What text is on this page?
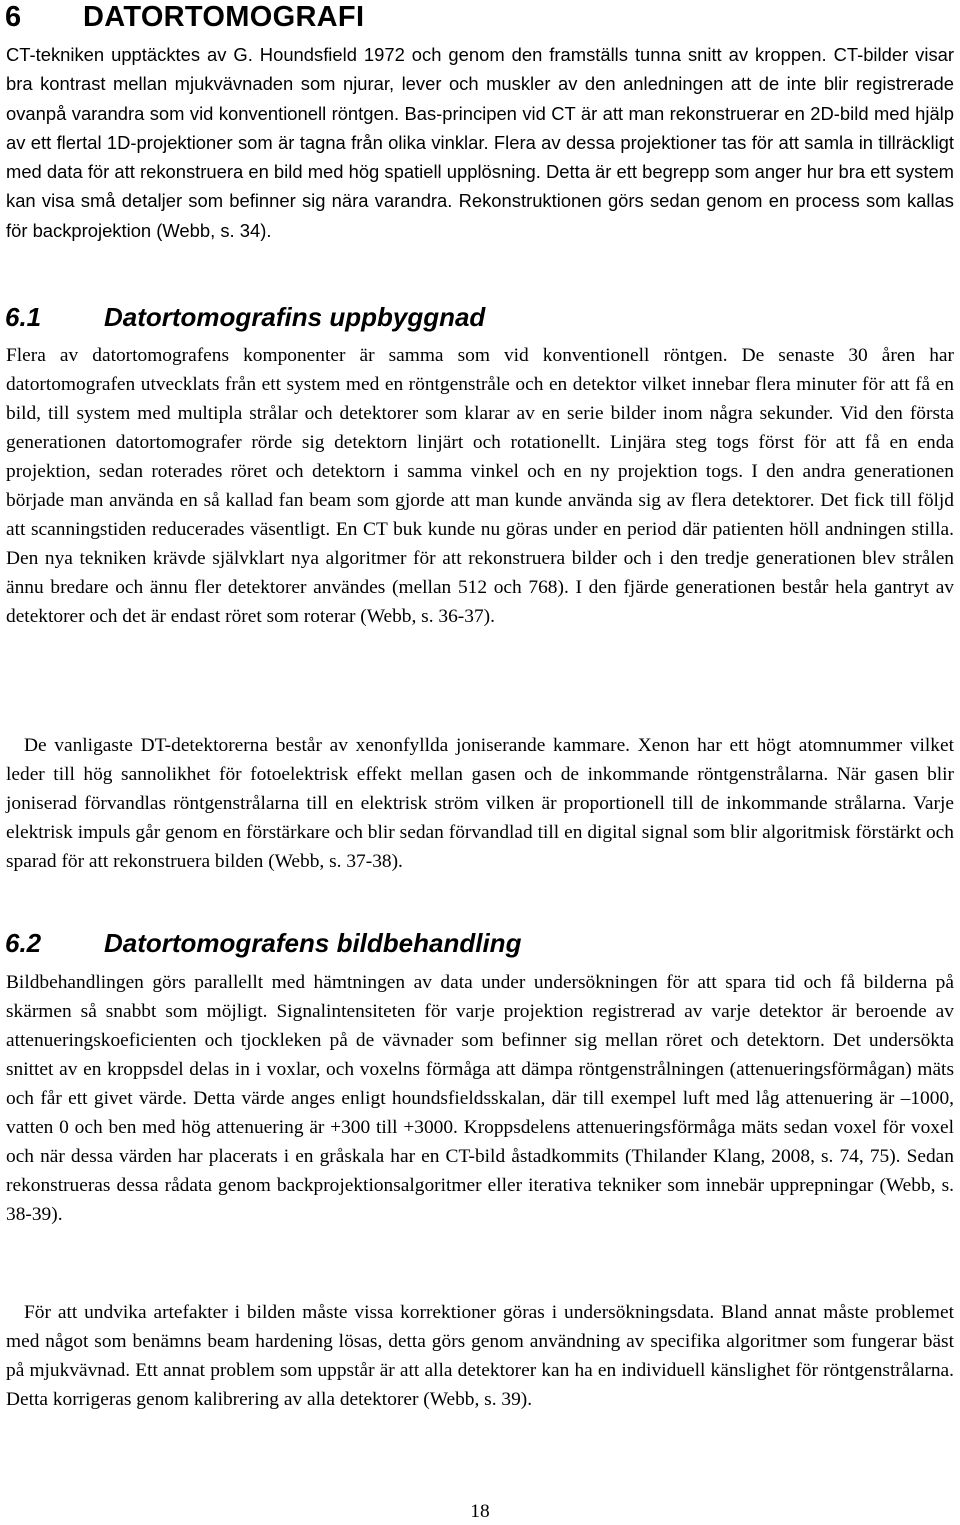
6 DATORTOMOGRAFI

CT-tekniken upptäcktes av G. Houndsfield 1972 och genom den framställs tunna snitt av kroppen. CT-bilder visar bra kontrast mellan mjukvävnaden som njurar, lever och muskler av den anledningen att de inte blir registrerade ovanpå varandra som vid konventionell röntgen. Bas-principen vid CT är att man rekonstruerar en 2D-bild med hjälp av ett flertal 1D-projektioner som är tagna från olika vinklar. Flera av dessa projektioner tas för att samla in tillräckligt med data för att rekonstruera en bild med hög spatiell upplösning. Detta är ett begrepp som anger hur bra ett system kan visa små detaljer som befinner sig nära varandra. Rekonstruktionen görs sedan genom en process som kallas för backprojektion (Webb, s. 34).

6.1 Datortomografins uppbyggnad

Flera av datortomografens komponenter är samma som vid konventionell röntgen. De senaste 30 åren har datortomografen utvecklats från ett system med en röntgenstråle och en detektor vilket innebar flera minuter för att få en bild, till system med multipla strålar och detektorer som klarar av en serie bilder inom några sekunder. Vid den första generationen datortomografer rörde sig detektorn linjärt och rotationellt. Linjära steg togs först för att få en enda projektion, sedan roterades röret och detektorn i samma vinkel och en ny projektion togs. I den andra generationen började man använda en så kallad fan beam som gjorde att man kunde använda sig av flera detektorer. Det fick till följd att scanningstiden reducerades väsentligt. En CT buk kunde nu göras under en period där patienten höll andningen stilla. Den nya tekniken krävde självklart nya algoritmer för att rekonstruera bilder och i den tredje generationen blev strålen ännu bredare och ännu fler detektorer användes (mellan 512 och 768). I den fjärde generationen består hela gantryt av detektorer och det är endast röret som roterar (Webb, s. 36-37).

De vanligaste DT-detektorerna består av xenonfyllda joniserande kammare. Xenon har ett högt atomnummer vilket leder till hög sannolikhet för fotoelektrisk effekt mellan gasen och de inkommande röntgenstrålarna. När gasen blir joniserad förvandlas röntgenstrålarna till en elektrisk ström vilken är proportionell till de inkommande strålarna. Varje elektrisk impuls går genom en förstärkare och blir sedan förvandlad till en digital signal som blir algoritmisk förstärkt och sparad för att rekonstruera bilden (Webb, s. 37-38).

6.2 Datortomografens bildbehandling

Bildbehandlingen görs parallellt med hämtningen av data under undersökningen för att spara tid och få bilderna på skärmen så snabbt som möjligt. Signalintensiteten för varje projektion registrerad av varje detektor är beroende av attenueringskoeficienten och tjockleken på de vävnader som befinner sig mellan röret och detektorn. Det undersökta snittet av en kroppsdel delas in i voxlar, och voxelns förmåga att dämpa röntgenstrålningen (attenueringsförmågan) mäts och får ett givet värde. Detta värde anges enligt houndsfieldsskalan, där till exempel luft med låg attenuering är –1000, vatten 0 och ben med hög attenuering är +300 till +3000. Kroppsdelens attenueringsförmåga mäts sedan voxel för voxel och när dessa värden har placerats i en gråskala har en CT-bild åstadkommits (Thilander Klang, 2008, s. 74, 75). Sedan rekonstrueras dessa rådata genom backprojektionsalgoritmer eller iterativa tekniker som innebär upprepningar (Webb, s. 38-39).

För att undvika artefakter i bilden måste vissa korrektioner göras i undersökningsdata. Bland annat måste problemet med något som benämns beam hardening lösas, detta görs genom användning av specifika algoritmer som fungerar bäst på mjukvävnad. Ett annat problem som uppstår är att alla detektorer kan ha en individuell känslighet för röntgenstrålarna. Detta korrigeras genom kalibrering av alla detektorer (Webb, s. 39).

18
